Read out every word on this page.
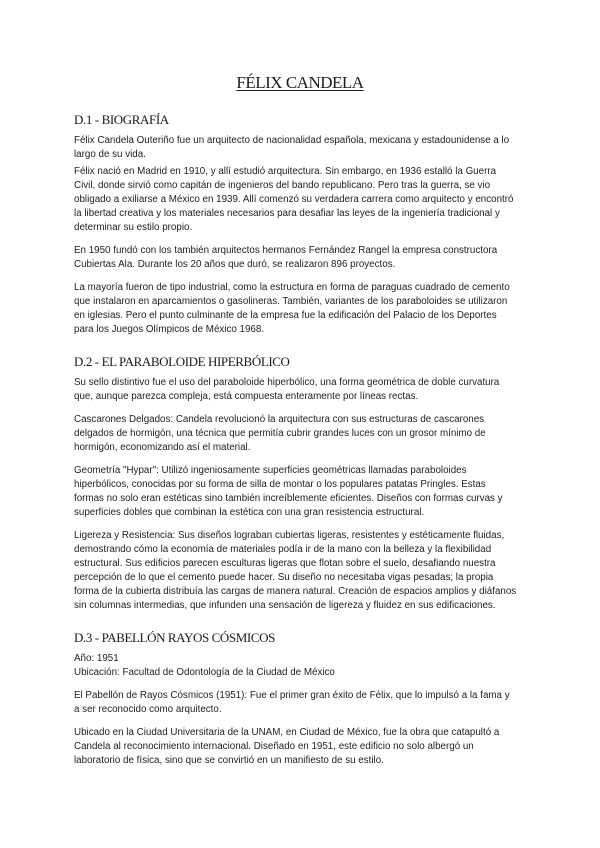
FÉLIX CANDELA
D.1 - BIOGRAFÍA

Félix Candela Outeriño fue un arquitecto de nacionalidad española, mexicana y estadounidense a lo
largo de su vida.

Félix nació en Madrid en 1910, y allí estudió arquitectura. Sin embargo, en 1936 estalló la Guerra
Civil, donde sirvió como capitán de ingenieros del bando republicano. Pero tras la guerra, se vio
obligado a exiliarse a México en 1939. Allí comenzó su verdadera carrera como arquitecto y encontró
la libertad creativa y los materiales necesarios para desafiar las leyes de la ingeniería tradicional y
determinar su estilo propio.

En 1950 fundó con los también arquitectos hermanos Fernández Rangel la empresa constructora
Cubiertas Ala. Durante los 20 años que duró, se realizaron 896 proyectos.

La mayoría fueron de tipo industrial, como la estructura en forma de paraguas cuadrado de cemento
que instalaron en aparcamientos o gasolineras. También, variantes de los paraboloides se utilizaron
en iglesias. Pero el punto culminante de la empresa fue la edificación del Palacio de los Deportes
para los Juegos Olímpicos de México 1968.

D.2 - EL PARABOLOIDE HIPERBÓLICO

Su sello distintivo fue el uso del paraboloide hiperbólico, una forma geométrica de doble curvatura
que, aunque parezca compleja, está compuesta enteramente por líneas rectas.

Cascarones Delgados: Candela revolucionó la arquitectura con sus estructuras de cascarones
delgados de hormigón, una técnica que permitía cubrir grandes luces con un grosor mínimo de
hormigón, economizando así el material.

Geometría "Hypar": Utilizó ingeniosamente superficies geométricas llamadas paraboloides
hiperbólicos, conocidas por su forma de silla de montar o los populares patatas Pringles. Estas
formas no solo eran estéticas sino también increíblemente eficientes. Diseños con formas curvas y
superficies dobles que combinan la estética con una gran resistencia estructural.

Ligereza y Resistencia: Sus diseños lograban cubiertas ligeras, resistentes y estéticamente fluidas,
demostrando cómo la economía de materiales podía ir de la mano con la belleza y la flexibilidad
estructural. Sus edificios parecen esculturas ligeras que flotan sobre el suelo, desafiando nuestra
percepción de lo que el cemento puede hacer. Su diseño no necesitaba vigas pesadas; la propia
forma de la cubierta distribuía las cargas de manera natural. Creación de espacios amplios y diáfanos
sin columnas intermedias, que infunden una sensación de ligereza y fluidez en sus edificaciones.

D.3 - PABELLÓN RAYOS CÓSMICOS

Año: 1951
Ubicación: Facultad de Odontología de la Ciudad de México

El Pabellón de Rayos Cósmicos (1951): Fue el primer gran éxito de Félix, que lo impulsó a la fama y
a ser reconocido como arquitecto.

Ubicado en la Ciudad Universitaria de la UNAM, en Ciudad de México, fue la obra que catapultó a
Candela al reconocimiento internacional. Diseñado en 1951, este edificio no solo albergó un
laboratorio de física, sino que se convirtió en un manifiesto de su estilo.
